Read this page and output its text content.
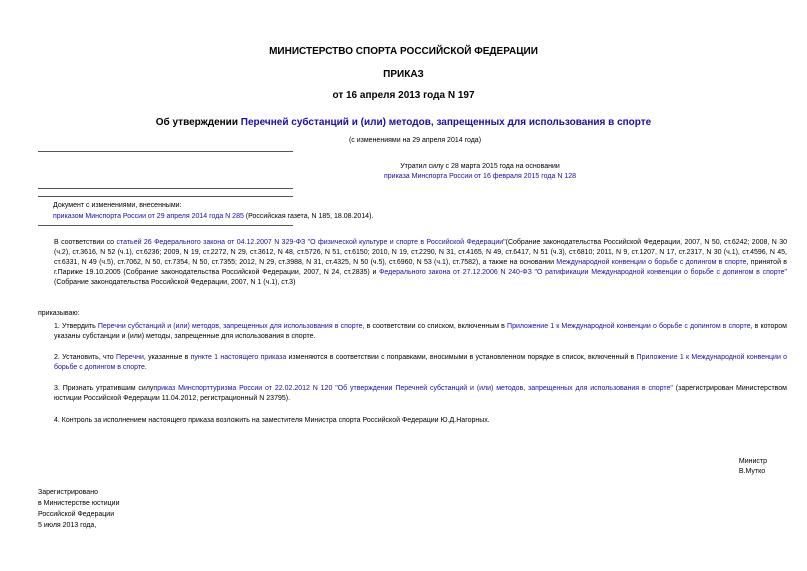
МИНИСТЕРСТВО СПОРТА РОССИЙСКОЙ ФЕДЕРАЦИИ
ПРИКАЗ
от 16 апреля 2013 года N 197
Об утверждении Перечней субстанций и (или) методов, запрещенных для использования в спорте
(с изменениями на 29 апреля 2014 года)
Утратил силу с 28 марта 2015 года на основании
приказа Минспорта России от 16 февраля 2015 года N 128
Документ с изменениями, внесенными:
приказом Минспорта России от 29 апреля 2014 года N 285 (Российская газета, N 185, 18.08.2014).
В соответствии со статьей 26 Федерального закона от 04.12.2007 N 329-ФЗ "О физической культуре и спорте в Российской Федерации"(Собрание законодательства Российской Федерации, 2007, N 50, ст.6242; 2008, N 30 (ч.2), ст.3616, N 52 (ч.1), ст.6236; 2009, N 19, ст.2272, N 29, ст.3612, N 48, ст.5726, N 51, ст.6150; 2010, N 19, ст.2290, N 31, ст.4165, N 49, ст.6417, N 51 (ч.3), ст.6810; 2011, N 9, ст.1207, N 17, ст.2317, N 30 (ч.1), ст.4596, N 45, ст.6331, N 49 (ч.5), ст.7062, N 50, ст.7354, N 50, ст.7355; 2012, N 29, ст.3988, N 31, ст.4325, N 50 (ч.5), ст.6960, N 53 (ч.1), ст.7582), а также на основании Международной конвенции о борьбе с допингом в спорте, принятой в г.Париже 19.10.2005 (Собрание законодательства Российской Федерации, 2007, N 24, ст.2835) и Федерального закона от 27.12.2006 N 240-ФЗ "О ратификации Международной конвенции о борьбе с допингом в спорте" (Собрание законодательства Российской Федерации, 2007, N 1 (ч.1), ст.3)
приказываю:
1. Утвердить Перечни субстанций и (или) методов, запрещенных для использования в спорте, в соответствии со списком, включенным в Приложение 1 к Международной конвенции о борьбе с допингом в спорте, в котором указаны субстанции и (или) методы, запрещенные для использования в спорте.
2. Установить, что Перечни, указанные в пункте 1 настоящего приказа изменяются в соответствии с поправками, вносимыми в установленном порядке в список, включенный в Приложение 1 к Международной конвенции о борьбе с допингом в спорте.
3. Признать утратившим силуприказ Минспорттуризма России от 22.02.2012 N 120 "Об утверждении Перечней субстанций и (или) методов, запрещенных для использования в спорте" (зарегистрирован Министерством юстиции Российской Федерации 11.04.2012, регистрационный N 23795).
4. Контроль за исполнением настоящего приказа возложить на заместителя Министра спорта Российской Федерации Ю.Д.Нагорных.
Министр
В.Мутко
Зарегистрировано
в Министерстве юстиции
Российской Федерации
5 июля 2013 года,
